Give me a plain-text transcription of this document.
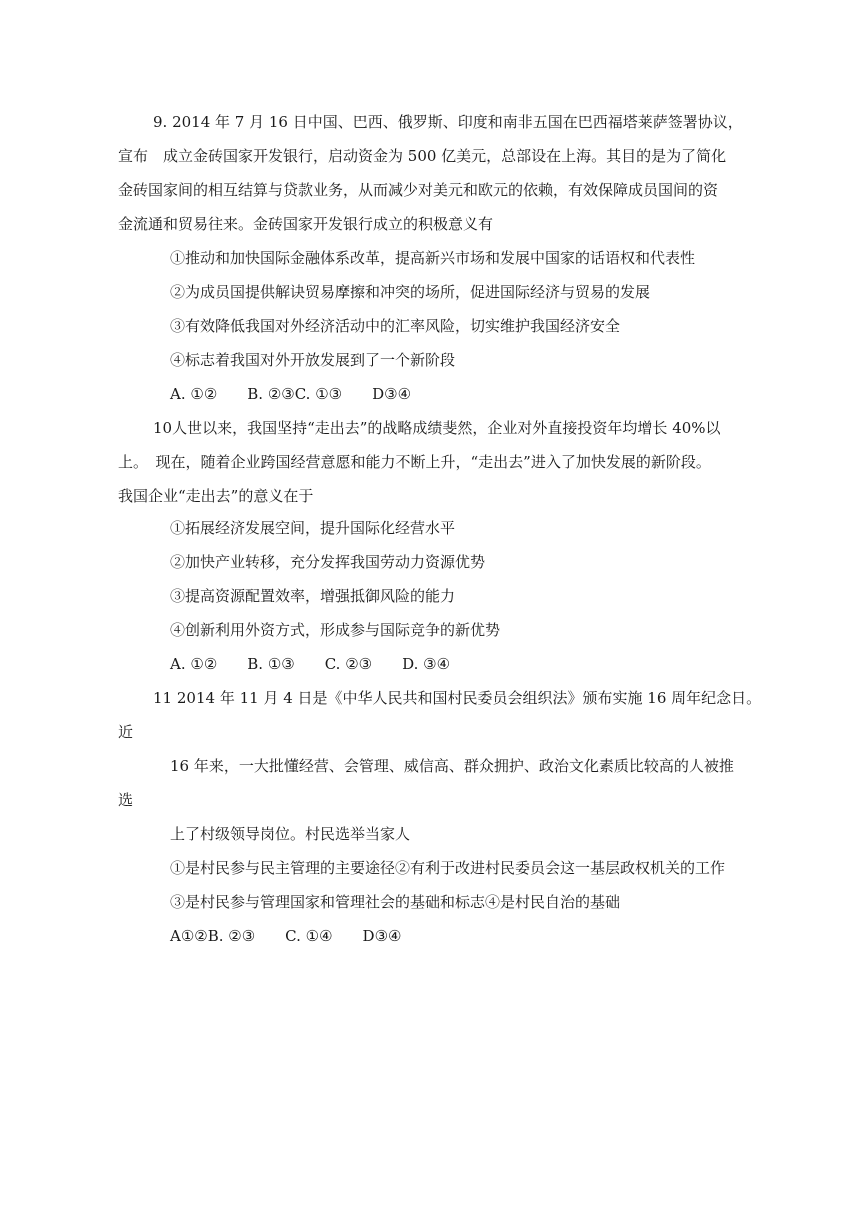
9. 2014 年 7 月 16 日中国、巴西、俄罗斯、印度和南非五国在巴西福塔莱萨签署协议，
宣布　成立金砖国家开发银行，启动资金为 500 亿美元，总部设在上海。其目的是为了简化
金砖国家间的相互结算与贷款业务，从而减少对美元和欧元的依赖，有效保障成员国间的资
金流通和贸易往来。金砖国家开发银行成立的积极意义有
①推动和加快国际金融体系改革，提高新兴市场和发展中国家的话语权和代表性
②为成员国提供解诀贸易摩擦和冲突的场所，促进国际经济与贸易的发展
③有效降低我国对外经济活动中的汇率风险，切实维护我国经济安全
④标志着我国对外开放发展到了一个新阶段
A. ①②　　B. ②③C. ①③　　D③④
10人世以来，我国坚持“走出去”的战略成绩斐然，企业对外直接投资年均增长 40%以
上。　现在，随着企业跨国经营意愿和能力不断上升，“走出去”进入了加快发展的新阶段。
我国企业“走出去”的意义在于
①拓展经济发展空间，提升国际化经营水平
②加快产业转移，充分发挥我国劳动力资源优势
③提高资源配置效率，增强抵御风险的能力
④创新利用外资方式，形成参与国际竞争的新优势
A. ①②　　B. ①③　　C. ②③　　D. ③④
11 2014 年 11 月 4 日是《中华人民共和国村民委员会组织法》颁布实施 16 周年纪念日。
近
16 年来，一大批懂经营、会管理、威信高、群众拥护、政治文化素质比较高的人被推
选
上了村级领导岗位。村民选举当家人
①是村民参与民主管理的主要途径②有利于改进村民委员会这一基层政权机关的工作
③是村民参与管理国家和管理社会的基础和标志④是村民自治的基础
A①②B. ②③　　C. ①④　　D③④
